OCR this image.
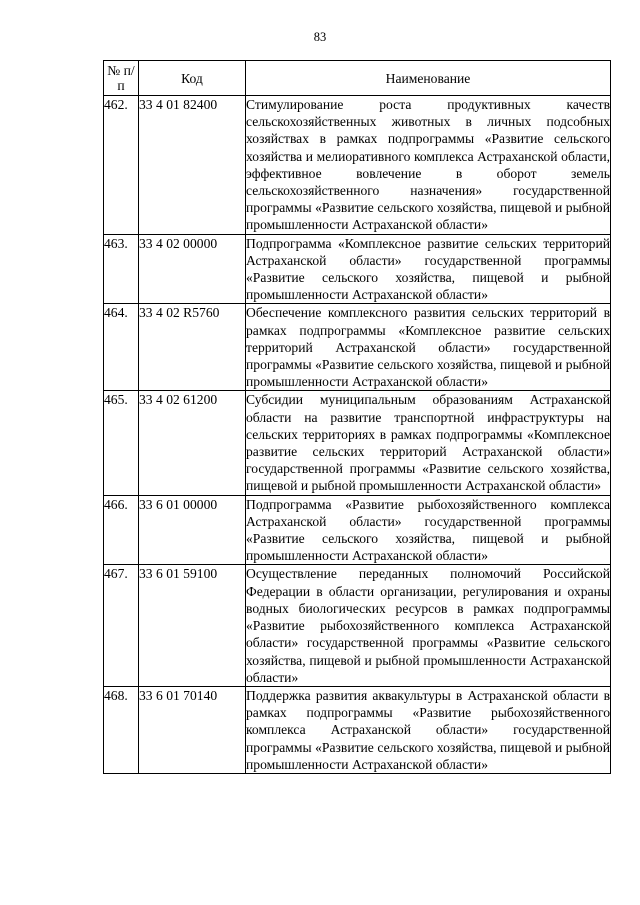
83
№ п/п	Код	Наименование
462.	33 4 01 82400	Стимулирование роста продуктивных качеств сельскохозяйственных животных в личных подсобных хозяйствах в рамках подпрограммы «Развитие сельского хозяйства и мелиоративного комплекса Астраханской области, эффективное вовлечение в оборот земель сельскохозяйственного назначения» государственной программы «Развитие сельского хозяйства, пищевой и рыбной промышленности Астраханской области»
463.	33 4 02 00000	Подпрограмма «Комплексное развитие сельских территорий Астраханской области» государственной программы «Развитие сельского хозяйства, пищевой и рыбной промышленности Астраханской области»
464.	33 4 02 R5760	Обеспечение комплексного развития сельских территорий в рамках подпрограммы «Комплексное развитие сельских территорий Астраханской области» государственной программы «Развитие сельского хозяйства, пищевой и рыбной промышленности Астраханской области»
465.	33 4 02 61200	Субсидии муниципальным образованиям Астраханской области на развитие транспортной инфраструктуры на сельских территориях в рамках подпрограммы «Комплексное развитие сельских территорий Астраханской области» государственной программы «Развитие сельского хозяйства, пищевой и рыбной промышленности Астраханской области»
466.	33 6 01 00000	Подпрограмма «Развитие рыбохозяйственного комплекса Астраханской области» государственной программы «Развитие сельского хозяйства, пищевой и рыбной промышленности Астраханской области»
467.	33 6 01 59100	Осуществление переданных полномочий Российской Федерации в области организации, регулирования и охраны водных биологических ресурсов в рамках подпрограммы «Развитие рыбохозяйственного комплекса Астраханской области» государственной программы «Развитие сельского хозяйства, пищевой и рыбной промышленности Астраханской области»
468.	33 6 01 70140	Поддержка развития аквакультуры в Астраханской области в рамках подпрограммы «Развитие рыбохозяйственного комплекса Астраханской области» государственной программы «Развитие сельского хозяйства, пищевой и рыбной промышленности Астраханской области»
